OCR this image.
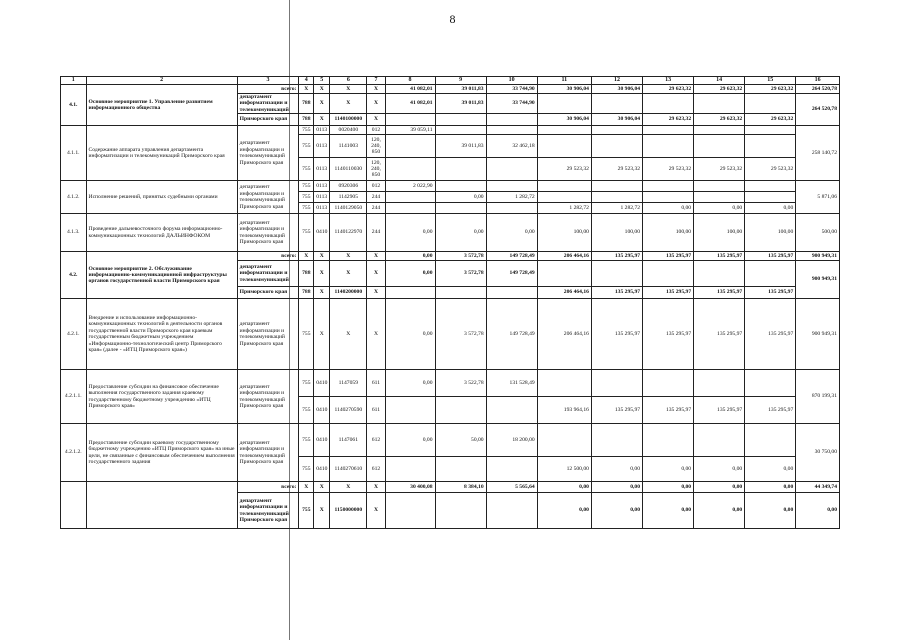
8
1	2	3	4	5	6	7	8	9	10	11	12	13	14	15	16
4.1.	Основное мероприятие 1. Управление развитием информационного общества	всего:	X	X	X	X	41 082,01	39 011,83	33 744,90	30 906,04	30 906,04	29 623,32	29 623,32	29 623,32	264 520,78
		департамент информатизации и телекоммуникаций	788	X	X	X	41 082,01	39 011,83	33 744,90						264 520,78
		Приморского края	788	X	1140100000	X				30 906,04	30 906,04	29 623,32	29 623,32	29 623,32	
4.1.1.	Содержание аппарата управления департамента информатизации и телекоммуникаций Приморского края	департамент информатизации и телекоммуникаций Приморского края	755	0113	0020400	012	39 059,11								258 140,72
			755	0113	1141003	120, 240, 850		39 011,83	32 462,18						
			755	0113	1140110030	120, 240, 850				29 523,32	29 523,32	29 523,32	29 523,32	29 523,32	
4.1.2.	Исполнение решений, принятых судебными органами	департамент информатизации и телекоммуникаций Приморского края	755	0113	0920306	012	2 022,90								5 871,06
			755	0113	1142905	244		0,00	1 282,72						
			755	0113	1140129050	244				1 282,72	1 282,72	0,00	0,00	0,00	
4.1.3.	Проведение дальневосточного форума информационно-коммуникационных технологий ДАЛЬИНФОКОМ	департамент информатизации и телекоммуникаций Приморского края	755	0410	1140122970	244	0,00	0,00	0,00	100,00	100,00	100,00	100,00	100,00	500,00
4.2.	Основное мероприятие 2. Обслуживание информационно-коммуникационной инфраструктуры органов государственной власти Приморского края	всего:	X	X	X	X	0,00	3 572,78	149 728,49	206 464,16	135 295,97	135 295,97	135 295,97	135 295,97	900 949,31
		департамент информатизации и телекоммуникаций	788	X	X	X	0,00	3 572,78	149 728,49						900 949,31
		Приморского края	788	X	1140200000	X				206 464,16	135 295,97	135 295,97	135 295,97	135 295,97	
4.2.1.	Внедрение и использование информационно-коммуникационных технологий в деятельности органов государственной власти Приморского края краевым государственным бюджетным учреждением «Информационно-технологический центр Приморского края» (далее - «ИТЦ Приморского края»)	департамент информатизации и телекоммуникаций Приморского края	755	X	X	X	0,00	3 572,78	149 728,49	206 464,16	135 295,97	135 295,97	135 295,97	135 295,97	900 949,31
4.2.1.1.	Предоставление субсидии на финансовое обеспечение выполнения государственного задания краевому государственному бюджетному учреждению «ИТЦ Приморского края»	департамент информатизации и телекоммуникаций Приморского края	755	0410	1147059	611	0,00	3 522,78	131 528,49						870 199,31
			755	0410	1140270590	611				193 964,16	135 295,97	135 295,97	135 295,97	135 295,97	
4.2.1.2.	Предоставление субсидии краевому государственному бюджетному учреждению «ИТЦ Приморского края» на иные цели, не связанные с финансовым обеспечением выполнения государственного задания	департамент информатизации и телекоммуникаций Приморского края	755	0410	1147061	612	0,00	50,00	18 200,00						30 750,00
			755	0410	1140270610	612				12 500,00	0,00	0,00	0,00	0,00	
		всего:	X	X	X	X	30 400,08	8 384,10	5 565,64	0,00	0,00	0,00	0,00	0,00	44 349,74
		департамент информатизации и телекоммуникаций Приморского края	755	X	1150000000	X				0,00	0,00	0,00	0,00	0,00	0,00
